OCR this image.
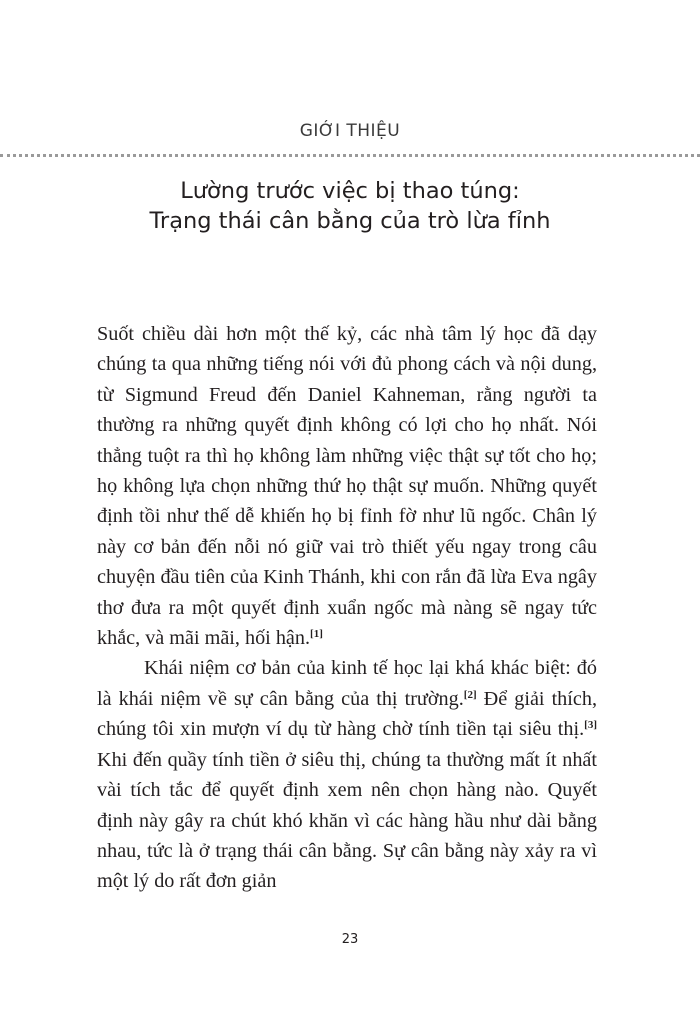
GIỚI THIỆU
Lường trước việc bị thao túng:
Trạng thái cân bằng của trò lừa fỉnh

Suốt chiều dài hơn một thế kỷ, các nhà tâm lý học đã dạy chúng ta qua những tiếng nói với đủ phong cách và nội dung, từ Sigmund Freud đến Daniel Kahneman, rằng người ta thường ra những quyết định không có lợi cho họ nhất. Nói thẳng tuột ra thì họ không làm những việc thật sự tốt cho họ; họ không lựa chọn những thứ họ thật sự muốn. Những quyết định tồi như thế dễ khiến họ bị fỉnh fờ như lũ ngốc. Chân lý này cơ bản đến nỗi nó giữ vai trò thiết yếu ngay trong câu chuyện đầu tiên của Kinh Thánh, khi con rắn đã lừa Eva ngây thơ đưa ra một quyết định xuẩn ngốc mà nàng sẽ ngay tức khắc, và mãi mãi, hối hận.[1]

Khái niệm cơ bản của kinh tế học lại khá khác biệt: đó là khái niệm về sự cân bằng của thị trường.[2] Để giải thích, chúng tôi xin mượn ví dụ từ hàng chờ tính tiền tại siêu thị.[3] Khi đến quầy tính tiền ở siêu thị, chúng ta thường mất ít nhất vài tích tắc để quyết định xem nên chọn hàng nào. Quyết định này gây ra chút khó khăn vì các hàng hầu như dài bằng nhau, tức là ở trạng thái cân bằng. Sự cân bằng này xảy ra vì một lý do rất đơn giản

23
